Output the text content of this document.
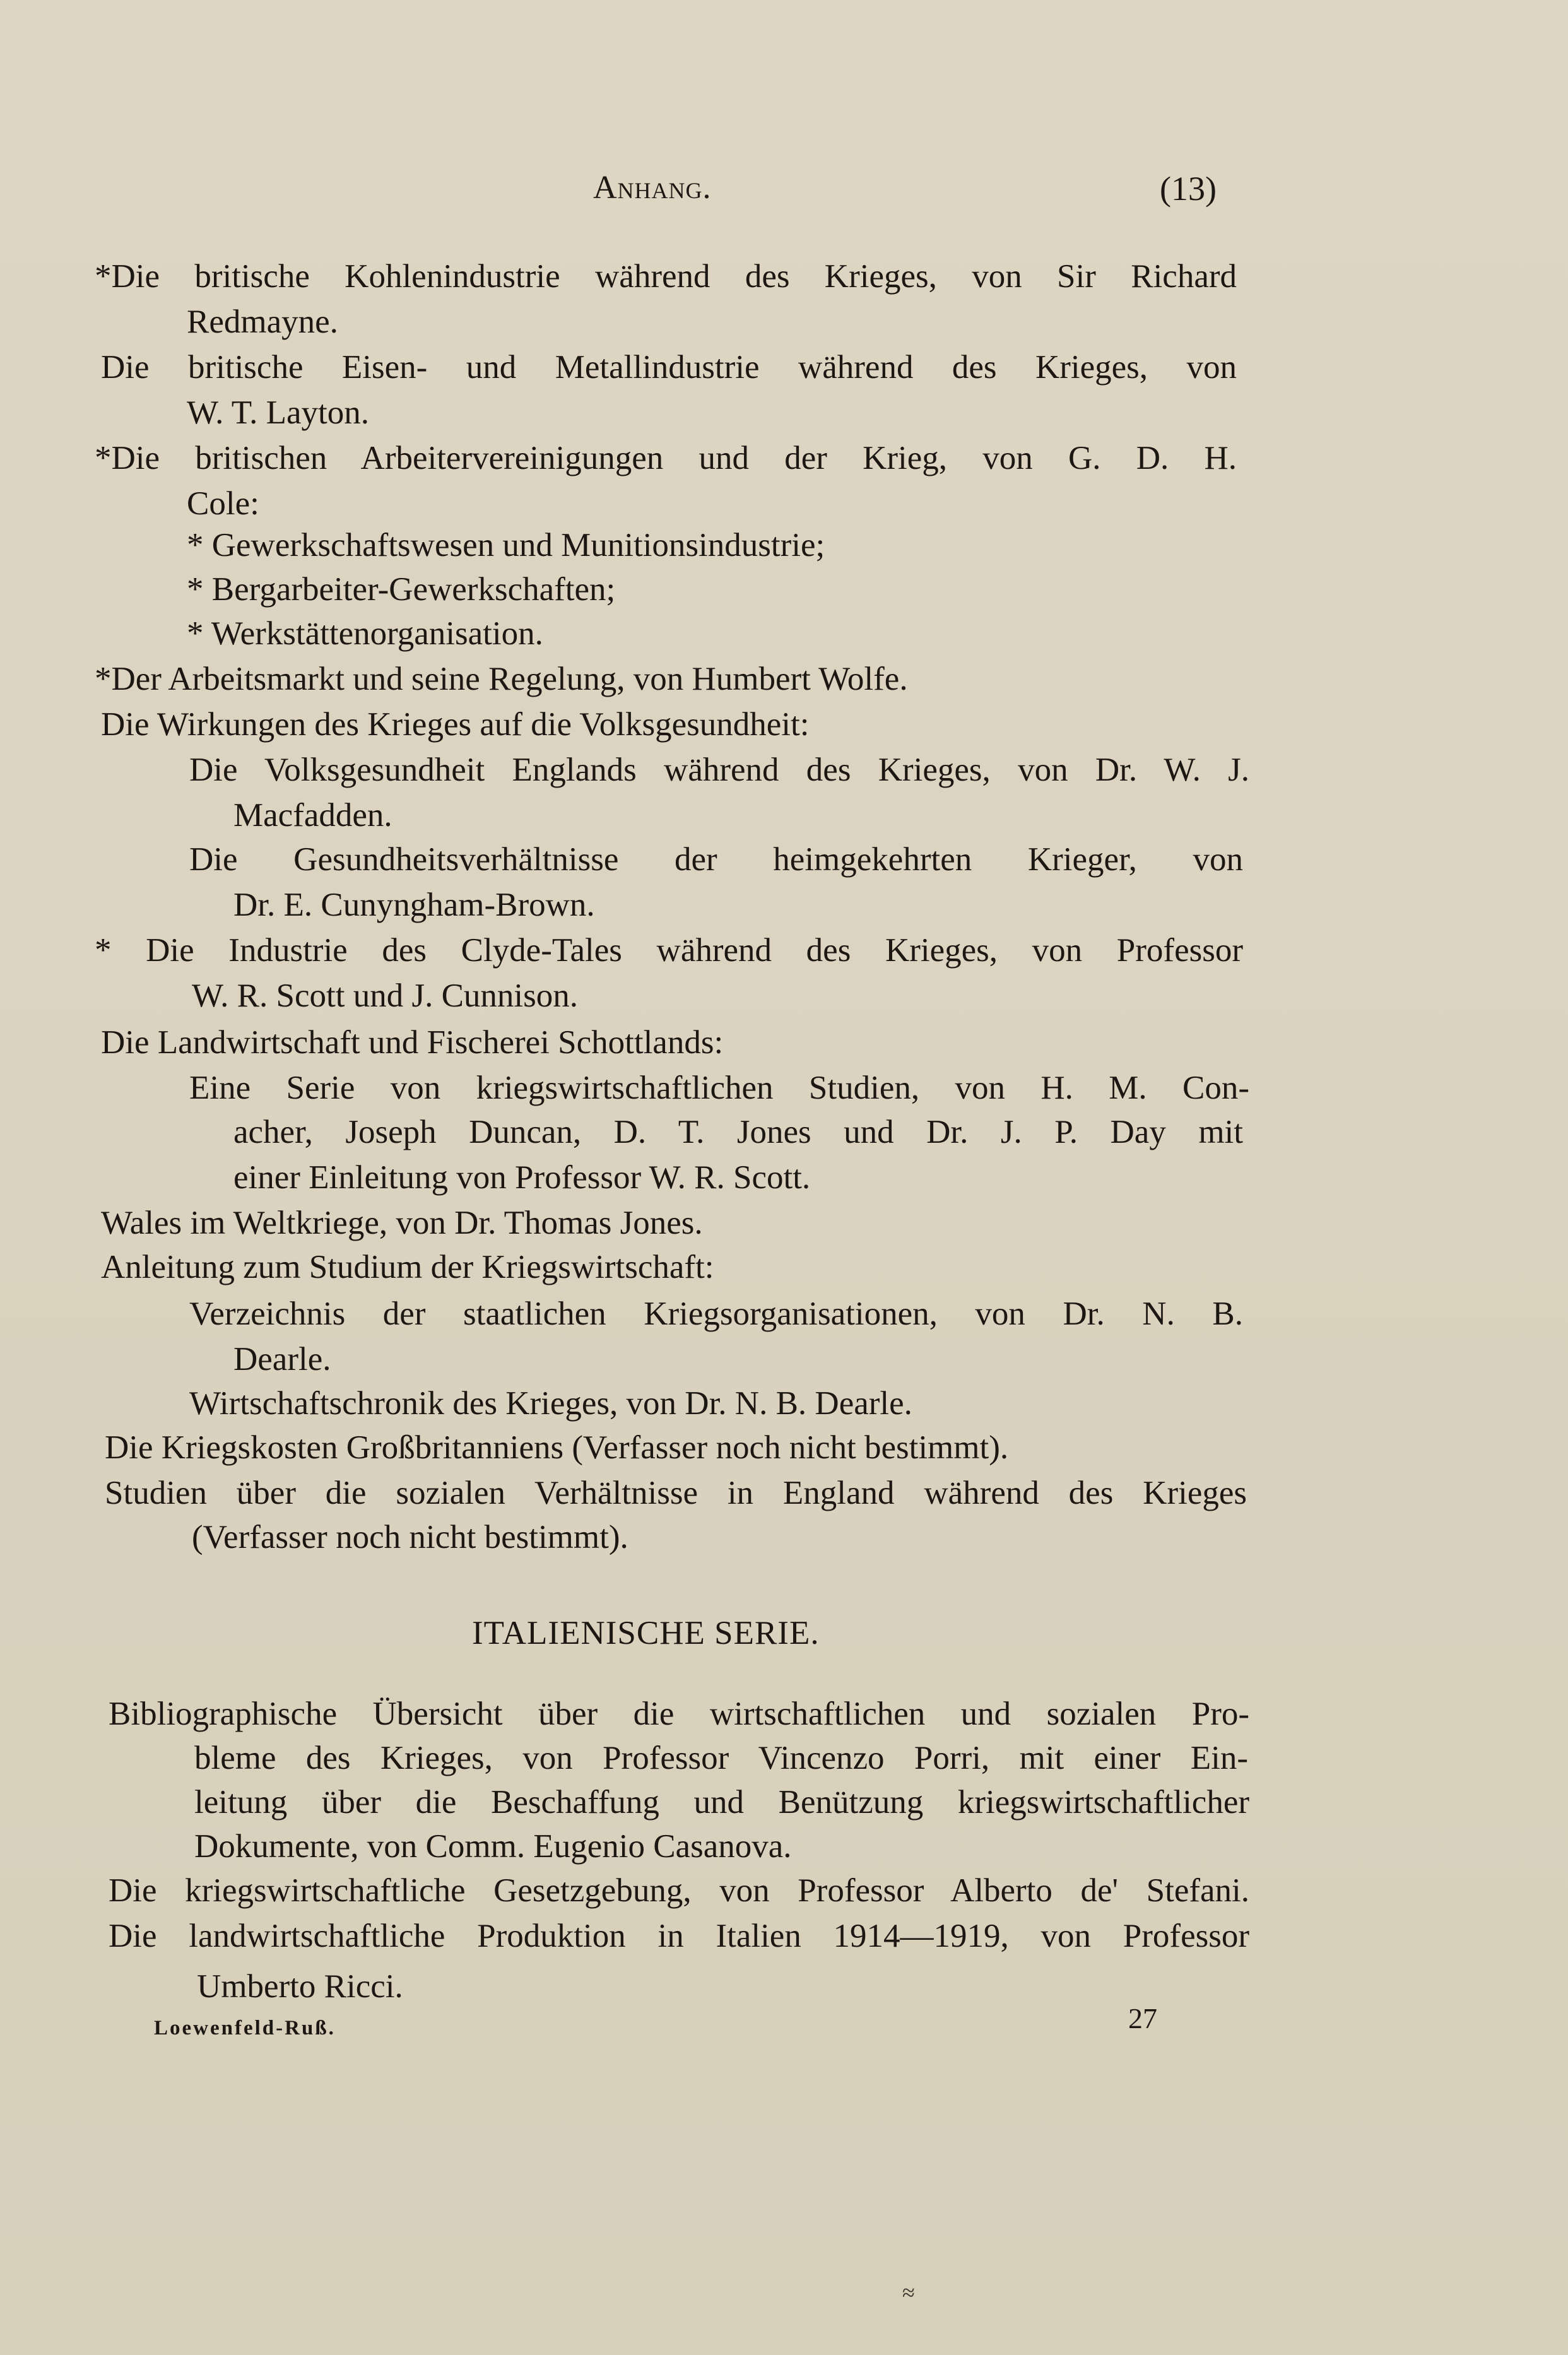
Anhang.	(13)
*Die britische Kohlenindustrie während des Krieges, von Sir Richard
Redmayne.
Die britische Eisen- und Metallindustrie während des Krieges, von
W. T. Layton.
*Die britischen Arbeitervereinigungen und der Krieg, von G. D. H.
Cole:
* Gewerkschaftswesen und Munitionsindustrie;
* Bergarbeiter-Gewerkschaften;
* Werkstättenorganisation.
*Der Arbeitsmarkt und seine Regelung, von Humbert Wolfe.
Die Wirkungen des Krieges auf die Volksgesundheit:
Die Volksgesundheit Englands während des Krieges, von Dr. W. J.
Macfadden.
Die Gesundheitsverhältnisse der heimgekehrten Krieger, von
Dr. E. Cunyngham-Brown.
* Die Industrie des Clyde-Tales während des Krieges, von Professor
W. R. Scott und J. Cunnison.
Die Landwirtschaft und Fischerei Schottlands:
Eine Serie von kriegswirtschaftlichen Studien, von H. M. Con-
acher, Joseph Duncan, D. T. Jones und Dr. J. P. Day mit
einer Einleitung von Professor W. R. Scott.
Wales im Weltkriege, von Dr. Thomas Jones.
Anleitung zum Studium der Kriegswirtschaft:
Verzeichnis der staatlichen Kriegsorganisationen, von Dr. N. B.
Dearle.
Wirtschaftschronik des Krieges, von Dr. N. B. Dearle.
Die Kriegskosten Großbritanniens (Verfasser noch nicht bestimmt).
Studien über die sozialen Verhältnisse in England während des Krieges
(Verfasser noch nicht bestimmt).
Bibliographische Übersicht über die wirtschaftlichen und sozialen Pro-
bleme des Krieges, von Professor Vincenzo Porri, mit einer Ein-
leitung über die Beschaffung und Benützung kriegswirtschaftlicher
Dokumente, von Comm. Eugenio Casanova.
Die kriegswirtschaftliche Gesetzgebung, von Professor Alberto de' Stefani.
Die landwirtschaftliche Produktion in Italien 1914—1919, von Professor
Umberto Ricci.
ITALIENISCHE SERIE.
Loewenfeld-Ruß.	27
≈
